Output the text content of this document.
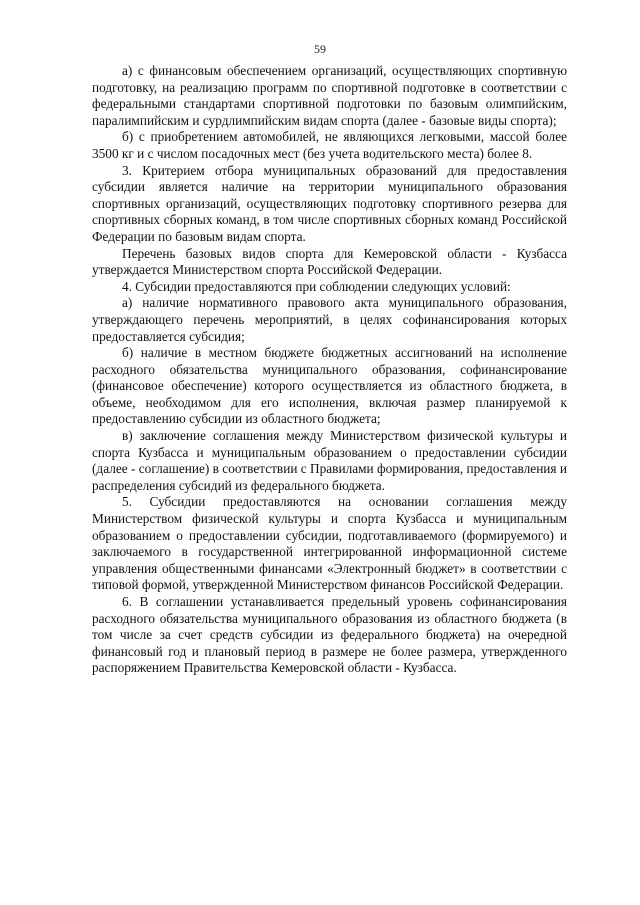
59

а) с финансовым обеспечением организаций, осуществляющих спортивную подготовку, на реализацию программ по спортивной подготовке в соответствии с федеральными стандартами спортивной подготовки по базовым олимпийским, паралимпийским и сурдлимпийским видам спорта (далее - базовые виды спорта);

б) с приобретением автомобилей, не являющихся легковыми, массой более 3500 кг и с числом посадочных мест (без учета водительского места) более 8.

3. Критерием отбора муниципальных образований для предоставления субсидии является наличие на территории муниципального образования спортивных организаций, осуществляющих подготовку спортивного резерва для спортивных сборных команд, в том числе спортивных сборных команд Российской Федерации по базовым видам спорта.

Перечень базовых видов спорта для Кемеровской области - Кузбасса утверждается Министерством спорта Российской Федерации.

4. Субсидии предоставляются при соблюдении следующих условий:

а) наличие нормативного правового акта муниципального образования, утверждающего перечень мероприятий, в целях софинансирования которых предоставляется субсидия;

б) наличие в местном бюджете бюджетных ассигнований на исполнение расходного обязательства муниципального образования, софинансирование (финансовое обеспечение) которого осуществляется из областного бюджета, в объеме, необходимом для его исполнения, включая размер планируемой к предоставлению субсидии из областного бюджета;

в) заключение соглашения между Министерством физической культуры и спорта Кузбасса и муниципальным образованием о предоставлении субсидии (далее - соглашение) в соответствии с Правилами формирования, предоставления и распределения субсидий из федерального бюджета.

5. Субсидии предоставляются на основании соглашения между Министерством физической культуры и спорта Кузбасса и муниципальным образованием о предоставлении субсидии, подготавливаемого (формируемого) и заключаемого в государственной интегрированной информационной системе управления общественными финансами «Электронный бюджет» в соответствии с типовой формой, утвержденной Министерством финансов Российской Федерации.

6. В соглашении устанавливается предельный уровень софинансирования расходного обязательства муниципального образования из областного бюджета (в том числе за счет средств субсидии из федерального бюджета) на очередной финансовый год и плановый период в размере не более размера, утвержденного распоряжением Правительства Кемеровской области - Кузбасса.
